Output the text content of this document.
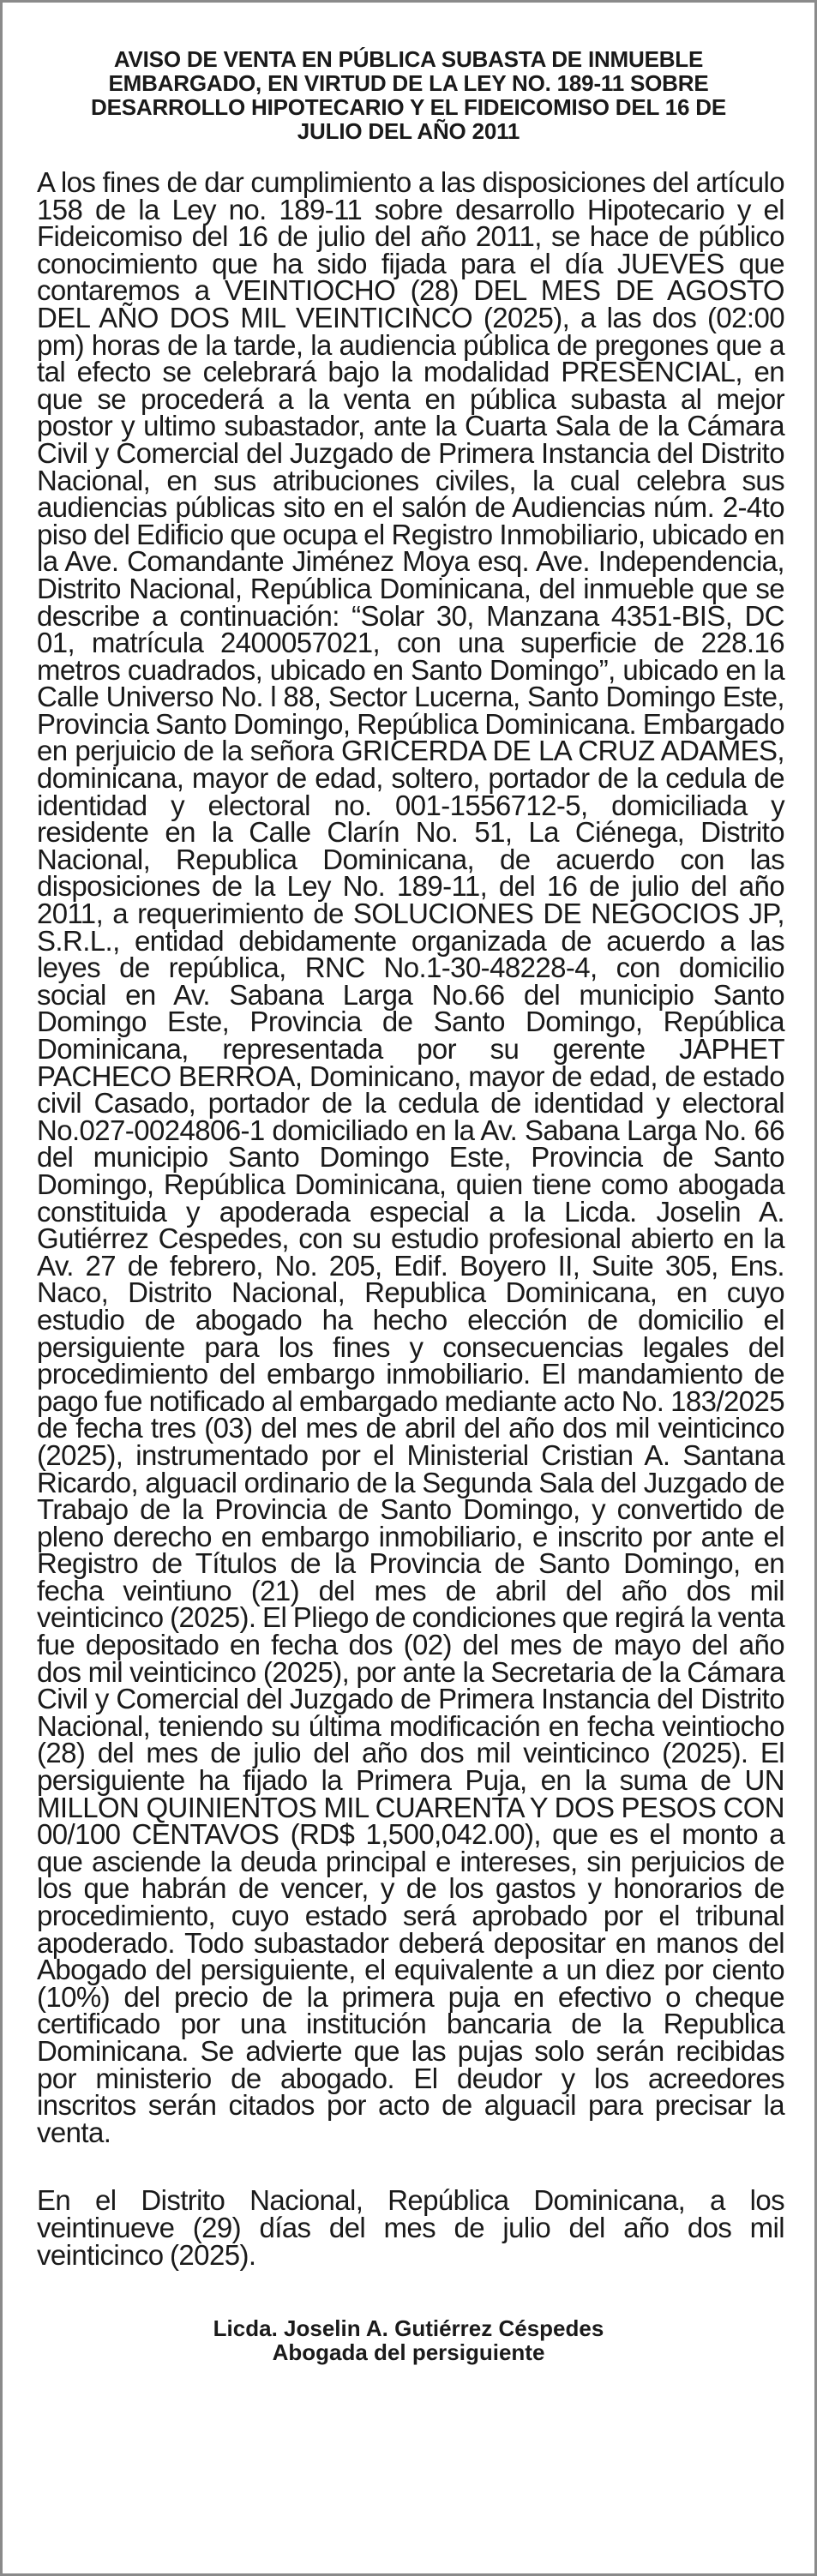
AVISO DE VENTA EN PÚBLICA SUBASTA DE INMUEBLE
EMBARGADO, EN VIRTUD DE LA LEY NO. 189-11 SOBRE
DESARROLLO HIPOTECARIO Y EL FIDEICOMISO DEL 16 DE
JULIO DEL AÑO 2011

A los fines de dar cumplimiento a las disposiciones del artículo 158 de la Ley no. 189-11 sobre desarrollo Hipotecario y el Fideicomiso del 16 de julio del año 2011, se hace de público conocimiento que ha sido fijada para el día JUEVES que contaremos a VEINTIOCHO (28) DEL MES DE AGOSTO DEL AÑO DOS MIL VEINTICINCO (2025), a las dos (02:00 pm) horas de la tarde, la audiencia pública de pregones que a tal efecto se celebrará bajo la modalidad PRESENCIAL, en que se procederá a la venta en pública subasta al mejor postor y ultimo subastador, ante la Cuarta Sala de la Cámara Civil y Comercial del Juzgado de Primera Instancia del Distrito Nacional, en sus atribuciones civiles, la cual celebra sus audiencias públicas sito en el salón de Audiencias núm. 2-4to piso del Edificio que ocupa el Registro Inmobiliario, ubicado en la Ave. Comandante Jiménez Moya esq. Ave. Independencia, Distrito Nacional, República Dominicana, del inmueble que se describe a continuación: “Solar 30, Manzana 4351-BIS, DC 01, matrícula 2400057021, con una superficie de 228.16 metros cuadrados, ubicado en Santo Domingo”, ubicado en la Calle Universo No. l 88, Sector Lucerna, Santo Domingo Este, Provincia Santo Domingo, República Dominicana. Embargado en perjuicio de la señora GRICERDA DE LA CRUZ ADAMES, dominicana, mayor de edad, soltero, portador de la cedula de identidad y electoral no. 001-1556712-5, domiciliada y residente en la Calle Clarín No. 51, La Ciénega, Distrito Nacional, Republica Dominicana, de acuerdo con las disposiciones de la Ley No. 189-11, del 16 de julio del año 2011, a requerimiento de SOLUCIONES DE NEGOCIOS JP, S.R.L., entidad debidamente organizada de acuerdo a las leyes de república, RNC No.1-30-48228-4, con domicilio social en Av. Sabana Larga No.66 del municipio Santo Domingo Este, Provincia de Santo Domingo, República Dominicana, representada por su gerente JAPHET PACHECO BERROA, Dominicano, mayor de edad, de estado civil Casado, portador de la cedula de identidad y electoral No.027-0024806-1 domiciliado en la Av. Sabana Larga No. 66 del municipio Santo Domingo Este, Provincia de Santo Domingo, República Dominicana, quien tiene como abogada constituida y apoderada especial a la Licda. Joselin A. Gutiérrez Cespedes, con su estudio profesional abierto en la Av. 27 de febrero, No. 205, Edif. Boyero II, Suite 305, Ens. Naco, Distrito Nacional, Republica Dominicana, en cuyo estudio de abogado ha hecho elección de domicilio el persiguiente para los fines y consecuencias legales del procedimiento del embargo inmobiliario. El mandamiento de pago fue notificado al embargado mediante acto No. 183/2025 de fecha tres (03) del mes de abril del año dos mil veinticinco (2025), instrumentado por el Ministerial Cristian A. Santana Ricardo, alguacil ordinario de la Segunda Sala del Juzgado de Trabajo de la Provincia de Santo Domingo, y convertido de pleno derecho en embargo inmobiliario, e inscrito por ante el Registro de Títulos de la Provincia de Santo Domingo, en fecha veintiuno (21) del mes de abril del año dos mil veinticinco (2025). El Pliego de condiciones que regirá la venta fue depositado en fecha dos (02) del mes de mayo del año dos mil veinticinco (2025), por ante la Secretaria de la Cámara Civil y Comercial del Juzgado de Primera Instancia del Distrito Nacional, teniendo su última modificación en fecha veintiocho (28) del mes de julio del año dos mil veinticinco (2025). El persiguiente ha fijado la Primera Puja, en la suma de UN MILLON QUINIENTOS MIL CUARENTA Y DOS PESOS CON 00/100 CENTAVOS (RD$ 1,500,042.00), que es el monto a que asciende la deuda principal e intereses, sin perjuicios de los que habrán de vencer, y de los gastos y honorarios de procedimiento, cuyo estado será aprobado por el tribunal apoderado. Todo subastador deberá depositar en manos del Abogado del persiguiente, el equivalente a un diez por ciento (10%) del precio de la primera puja en efectivo o cheque certificado por una institución bancaria de la Republica Dominicana. Se advierte que las pujas solo serán recibidas por ministerio de abogado. El deudor y los acreedores inscritos serán citados por acto de alguacil para precisar la venta.

En el Distrito Nacional, República Dominicana, a los veintinueve (29) días del mes de julio del año dos mil veinticinco (2025).

Licda. Joselin A. Gutiérrez Céspedes
Abogada del persiguiente
